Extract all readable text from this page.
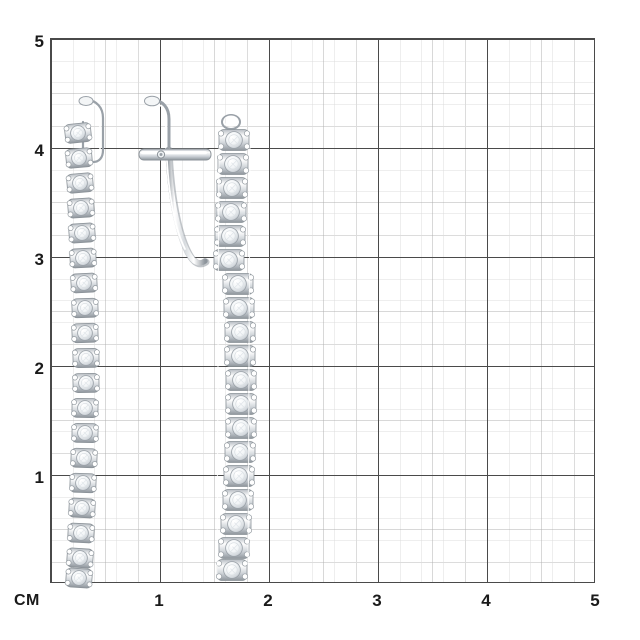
5
4
3
2
1
1	2	3	4	5
CM
